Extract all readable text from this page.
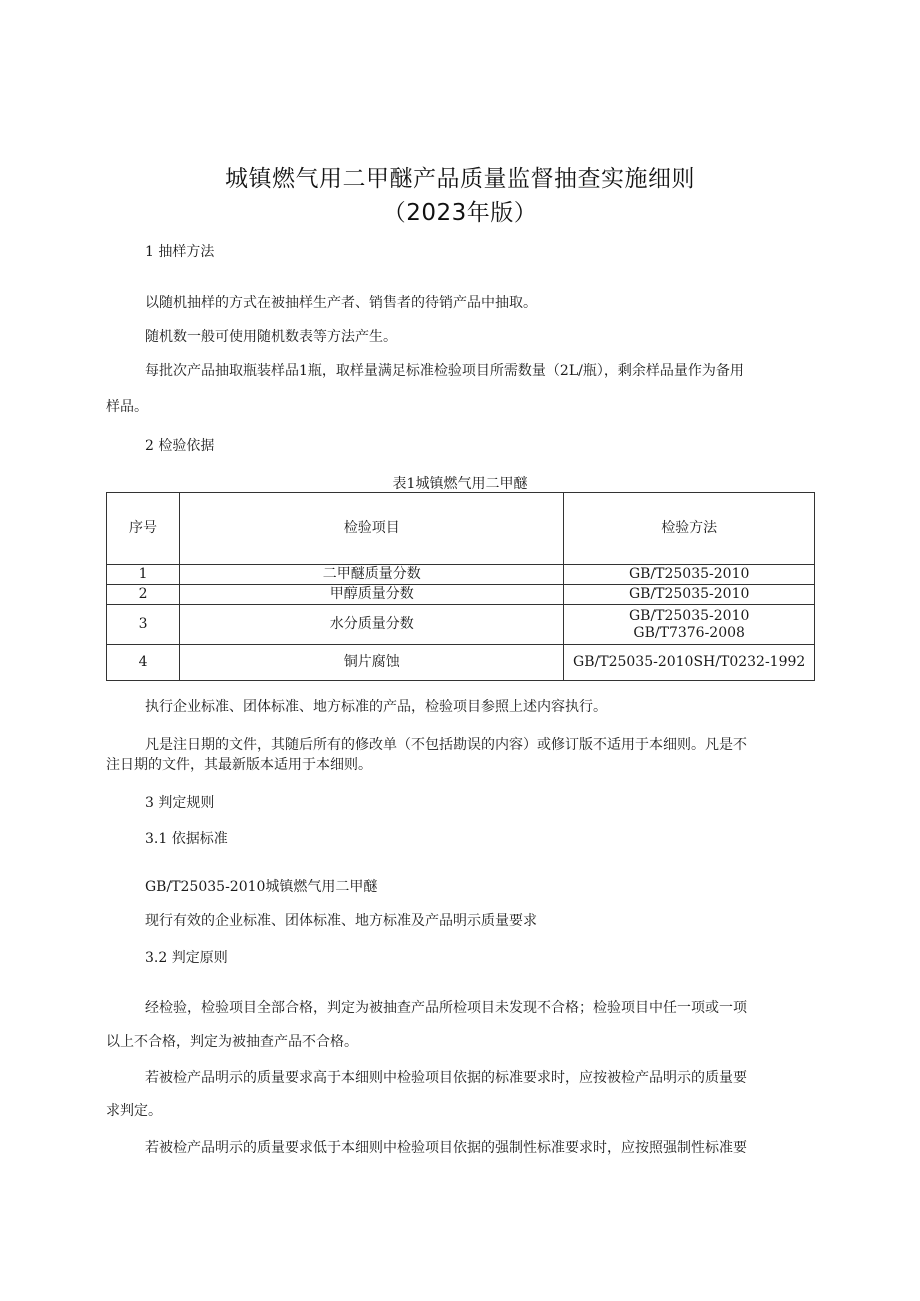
城镇燃气用二甲醚产品质量监督抽查实施细则
（2023年版）
1 抽样方法
以随机抽样的方式在被抽样生产者、销售者的待销产品中抽取。
随机数一般可使用随机数表等方法产生。
每批次产品抽取瓶装样品1瓶，取样量满足标准检验项目所需数量（2L/瓶），剩余样品量作为备用
样品。
2 检验依据
表1城镇燃气用二甲醚
序号	检验项目	检验方法
1	二甲醚质量分数	GB/T25035-2010
2	甲醇质量分数	GB/T25035-2010
3	水分质量分数	GB/T25035-2010
GB/T7376-2008

4	铜片腐蚀	GB/T25035-2010SH/T0232-1992
执行企业标准、团体标准、地方标准的产品，检验项目参照上述内容执行。
凡是注日期的文件，其随后所有的修改单（不包括勘误的内容）或修订版不适用于本细则。凡是不
注日期的文件，其最新版本适用于本细则。
3 判定规则
3.1 依据标准
GB/T25035-2010城镇燃气用二甲醚
现行有效的企业标准、团体标准、地方标准及产品明示质量要求
3.2 判定原则
经检验，检验项目全部合格，判定为被抽查产品所检项目未发现不合格；检验项目中任一项或一项
以上不合格，判定为被抽查产品不合格。
若被检产品明示的质量要求高于本细则中检验项目依据的标准要求时，应按被检产品明示的质量要
求判定。
若被检产品明示的质量要求低于本细则中检验项目依据的强制性标准要求时，应按照强制性标准要
